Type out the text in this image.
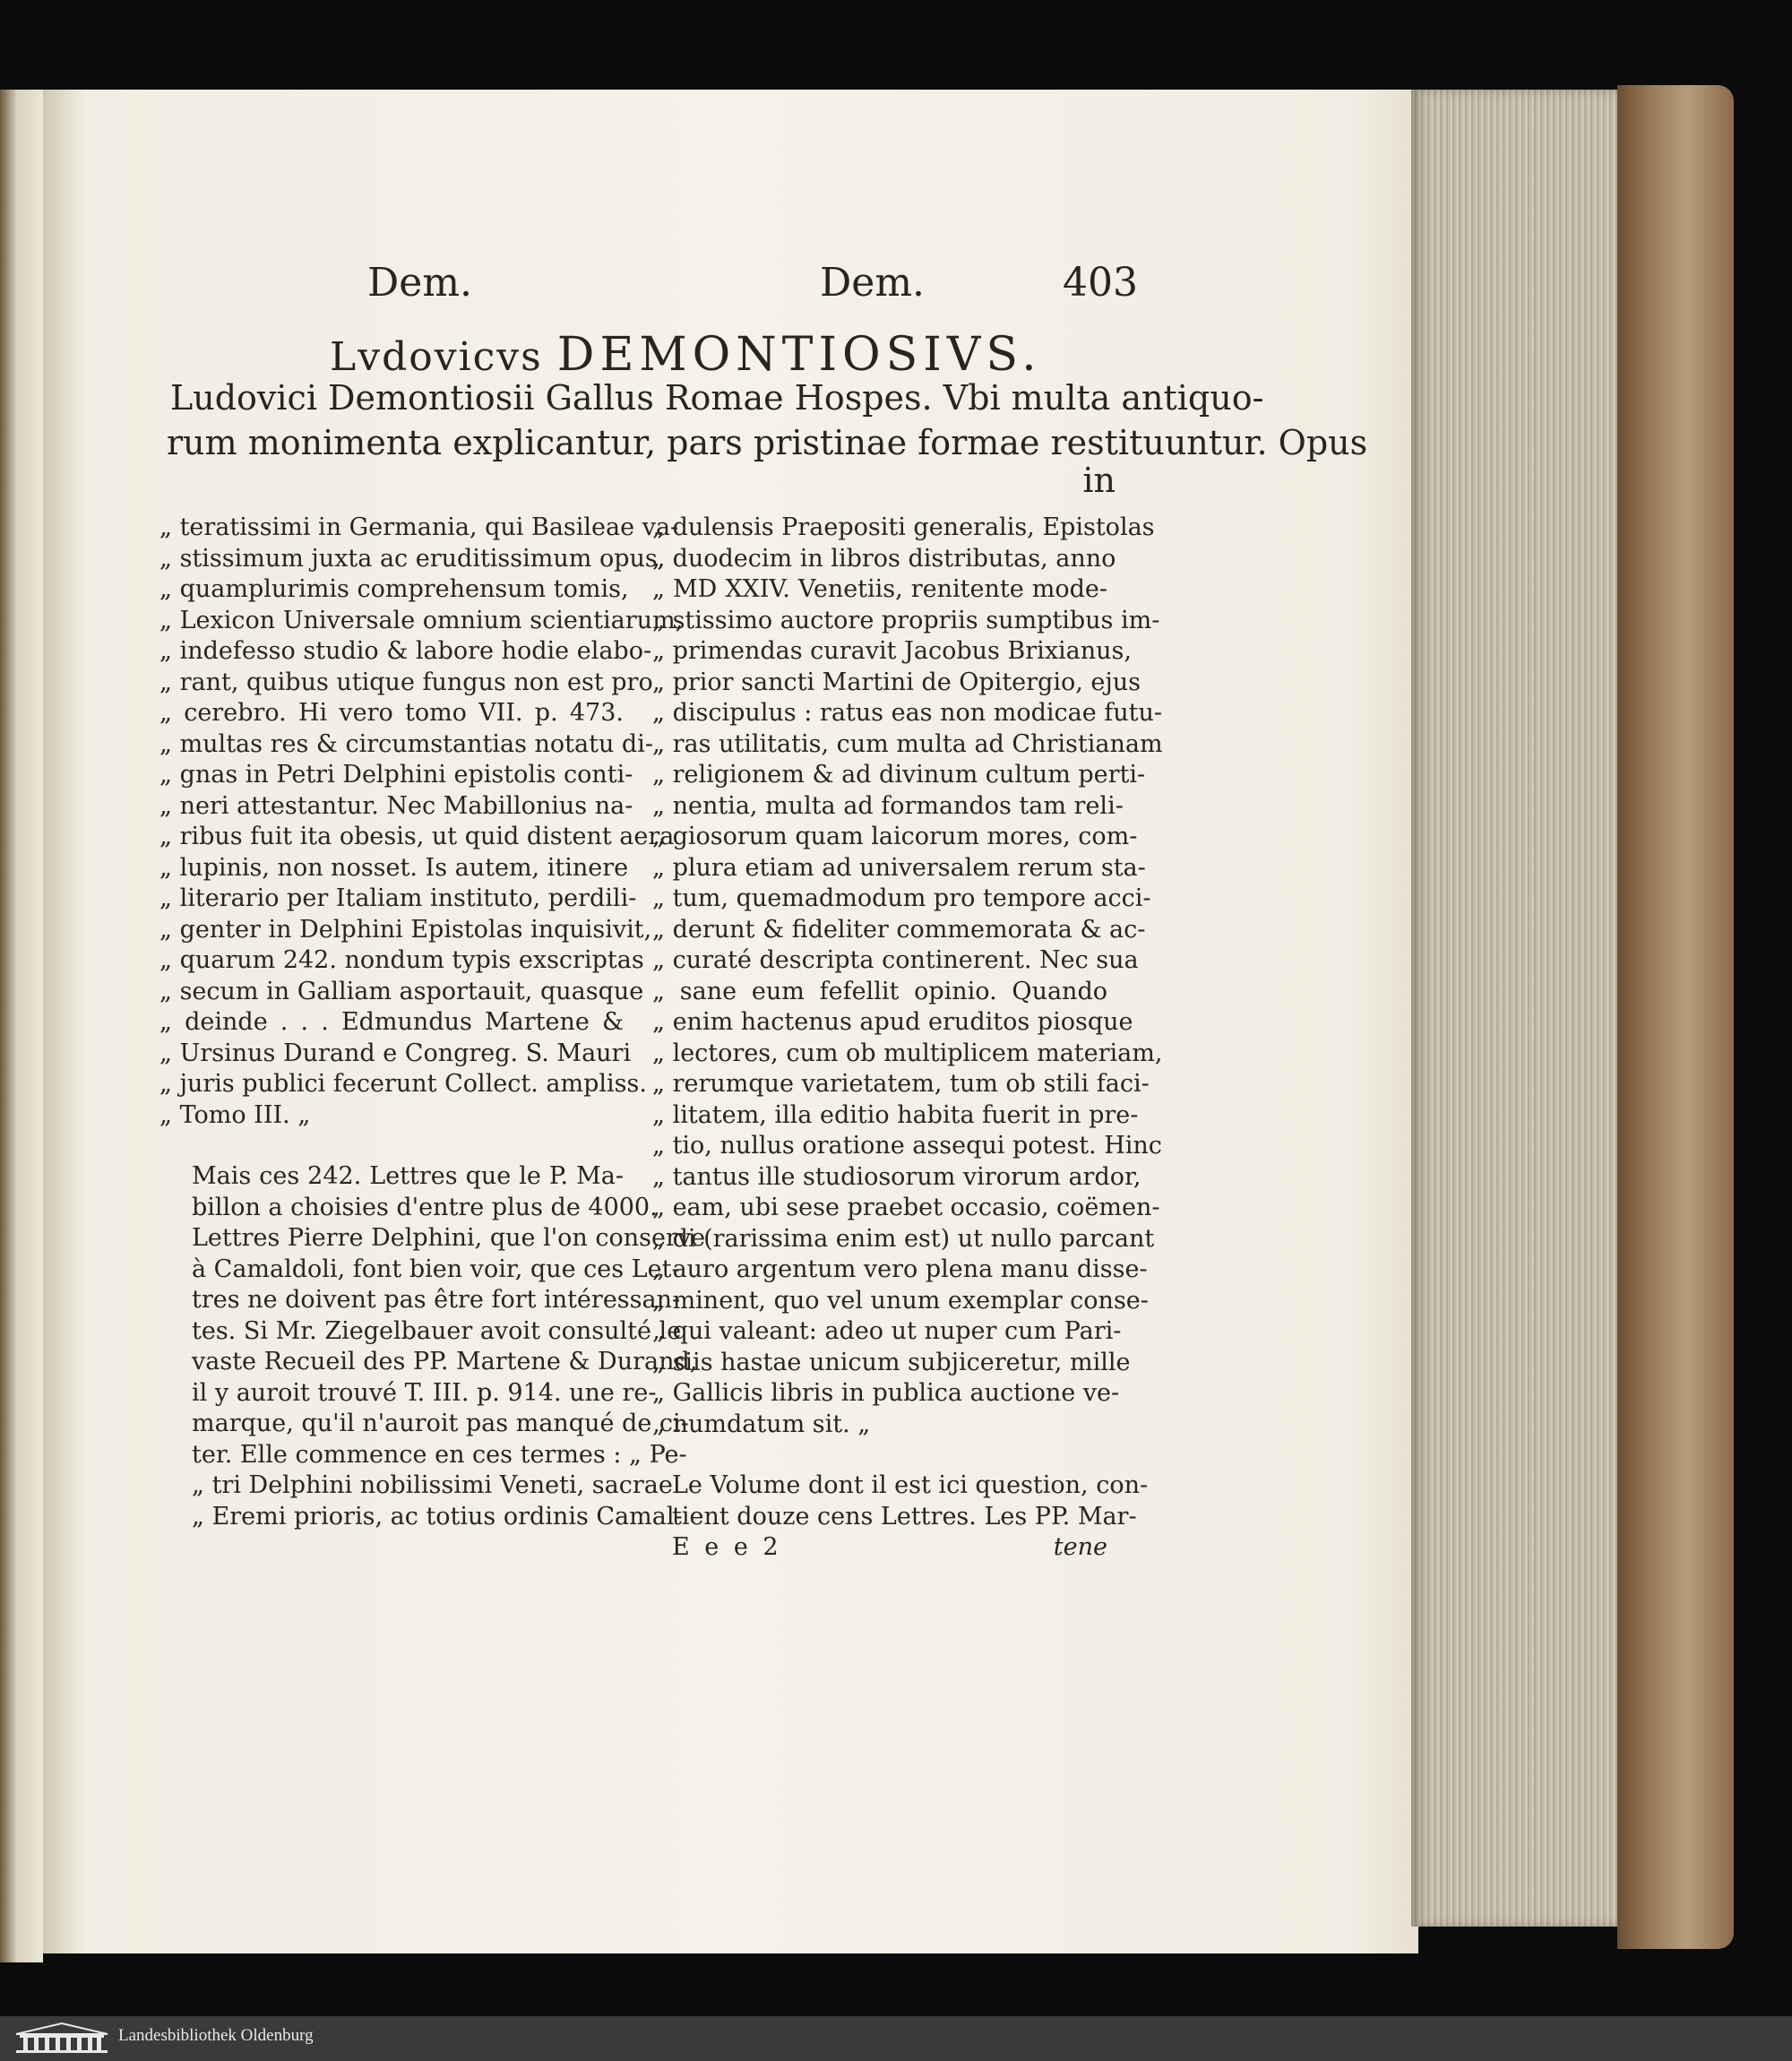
Dem.	Dem.	403
Lvdovicvs DEMONTIOSIVS.
Ludovici Demontiosii Gallus Romae Hospes. Vbi multa antiquo-
rum monimenta explicantur, pars pristinae formae restituuntur. Opus
in
„ teratissimi in Germania, qui Basileae va-
„ stissimum juxta ac eruditissimum opus,
„ quamplurimis comprehensum tomis,
„ Lexicon Universale omnium scientiarum,
„ indefesso studio & labore hodie elabo-
„ rant, quibus utique fungus non est pro
„ cerebro. Hi vero tomo VII. p. 473.
„ multas res & circumstantias notatu di-
„ gnas in Petri Delphini epistolis conti-
„ neri attestantur. Nec Mabillonius na-
„ ribus fuit ita obesis, ut quid distent aera
„ lupinis, non nosset. Is autem, itinere
„ literario per Italiam instituto, perdili-
„ genter in Delphini Epistolas inquisivit,
„ quarum 242. nondum typis exscriptas
„ secum in Galliam asportauit, quasque
„ deinde . . . Edmundus Martene &
„ Ursinus Durand e Congreg. S. Mauri
„ juris publici fecerunt Collect. ampliss.
„ Tomo III. „
Mais ces 242. Lettres que le P. Ma-
billon a choisies d'entre plus de 4000.
Lettres Pierre Delphini, que l'on conserve
à Camaldoli, font bien voir, que ces Let-
tres ne doivent pas être fort intéressan-
tes. Si Mr. Ziegelbauer avoit consulté le
vaste Recueil des PP. Martene & Durand,
il y auroit trouvé T. III. p. 914. une re-
marque, qu'il n'auroit pas manqué de ci-
ter. Elle commence en ces termes : „ Pe-
„ tri Delphini nobilissimi Veneti, sacrae
„ Eremi prioris, ac totius ordinis Camal-
„ dulensis Praepositi generalis, Epistolas
„ duodecim in libros distributas, anno
„ MD XXIV. Venetiis, renitente mode-
„ stissimo auctore propriis sumptibus im-
„ primendas curavit Jacobus Brixianus,
„ prior sancti Martini de Opitergio, ejus
„ discipulus : ratus eas non modicae futu-
„ ras utilitatis, cum multa ad Christianam
„ religionem & ad divinum cultum perti-
„ nentia, multa ad formandos tam reli-
„ giosorum quam laicorum mores, com-
„ plura etiam ad universalem rerum sta-
„ tum, quemadmodum pro tempore acci-
„ derunt & fideliter commemorata & ac-
„ curaté descripta continerent. Nec sua
„ sane eum fefellit opinio. Quando
„ enim hactenus apud eruditos piosque
„ lectores, cum ob multiplicem materiam,
„ rerumque varietatem, tum ob stili faci-
„ litatem, illa editio habita fuerit in pre-
„ tio, nullus oratione assequi potest. Hinc
„ tantus ille studiosorum virorum ardor,
„ eam, ubi sese praebet occasio, coëmen-
„ di (rarissima enim est) ut nullo parcant
„ auro argentum vero plena manu disse-
„ minent, quo vel unum exemplar conse-
„ qui valeant: adeo ut nuper cum Pari-
„ siis hastae unicum subjiceretur, mille
„ Gallicis libris in publica auctione ve-
„ numdatum sit. „
Le Volume dont il est ici question, con-
tient douze cens Lettres. Les PP. Mar-
E e e 2	tene
Landesbibliothek Oldenburg
